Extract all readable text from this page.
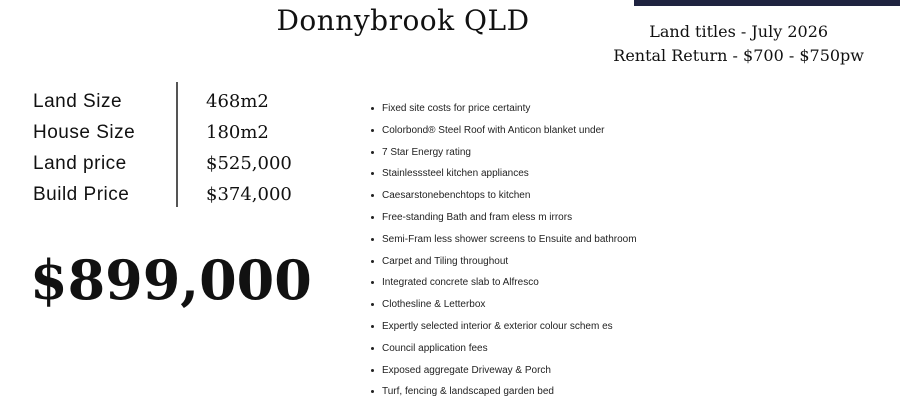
Donnybrook QLD	Land titles - July 2026
Rental Return - $700 - $750pw
Land Size	468m2
House Size	180m2
Land price	$525,000
Build Price	$374,000
$899,000
Fixed site costs for price certainty
Colorbond® Steel Roof with Anticon blanket under
7 Star Energy rating
Stainlesssteel kitchen appliances
Caesarstonebenchtops to kitchen
Free-standing Bath and fram eless m irrors
Semi-Fram less shower screens to Ensuite and bathroom
Carpet and Tiling throughout
Integrated concrete slab to Alfresco
Clothesline & Letterbox
Expertly selected interior & exterior colour schem es
Council application fees
Exposed aggregate Driveway & Porch
Turf, fencing & landscaped garden bed
